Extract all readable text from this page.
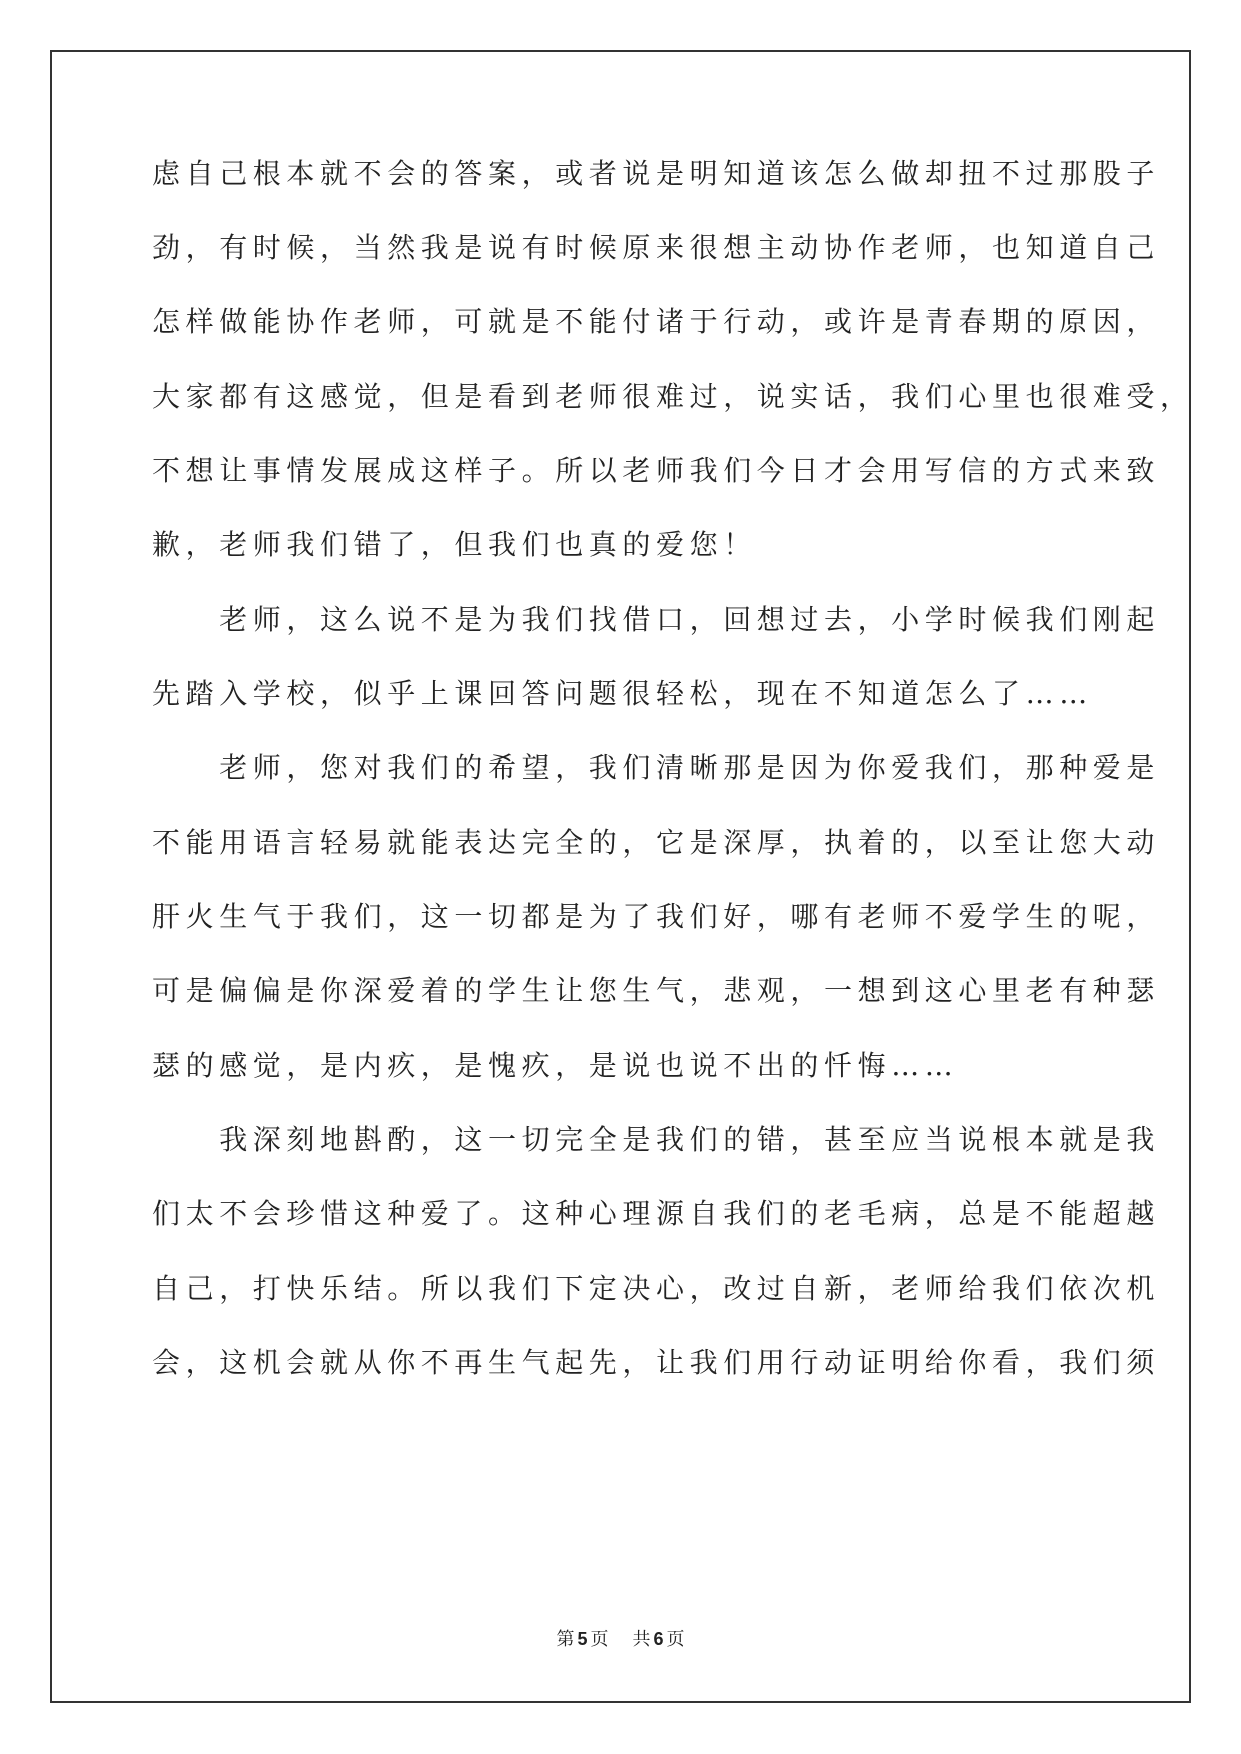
虑自己根本就不会的答案，或者说是明知道该怎么做却扭不过那股子
劲，有时候，当然我是说有时候原来很想主动协作老师，也知道自己
怎样做能协作老师，可就是不能付诸于行动，或许是青春期的原因，
大家都有这感觉，但是看到老师很难过，说实话，我们心里也很难受，
不想让事情发展成这样子。所以老师我们今日才会用写信的方式来致
歉，老师我们错了，但我们也真的爱您！
　　老师，这么说不是为我们找借口，回想过去，小学时候我们刚起
先踏入学校，似乎上课回答问题很轻松，现在不知道怎么了……
　　老师，您对我们的希望，我们清晰那是因为你爱我们，那种爱是
不能用语言轻易就能表达完全的，它是深厚，执着的，以至让您大动
肝火生气于我们，这一切都是为了我们好，哪有老师不爱学生的呢，
可是偏偏是你深爱着的学生让您生气，悲观，一想到这心里老有种瑟
瑟的感觉，是内疚，是愧疚，是说也说不出的忏悔……
　　我深刻地斟酌，这一切完全是我们的错，甚至应当说根本就是我
们太不会珍惜这种爱了。这种心理源自我们的老毛病，总是不能超越
自己，打快乐结。所以我们下定决心，改过自新，老师给我们依次机
会，这机会就从你不再生气起先，让我们用行动证明给你看，我们须
第 5 页 共 6 页
